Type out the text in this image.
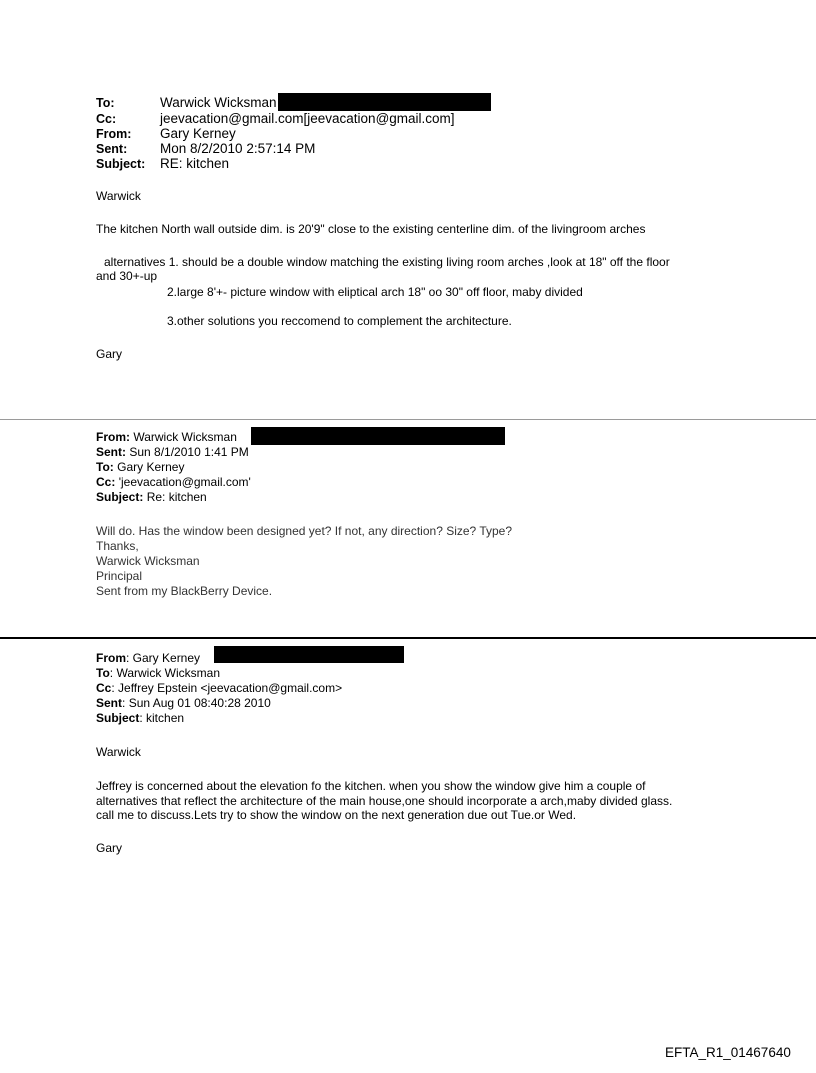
To:	Warwick Wicksman
Cc:	jeevacation@gmail.com[jeevacation@gmail.com]
From: Gary Kerney
Sent: Mon 8/2/2010 2:57:14 PM
Subject: RE: kitchen
Warwick
The kitchen North wall outside dim. is 20'9" close to the existing centerline dim. of the livingroom arches
alternatives 1. should be a double window matching the existing living room arches ,look at 18" off the floor
and 30+-up
2.large 8'+- picture window with eliptical arch 18" oo 30" off floor, maby divided
3.other solutions you reccomend to complement the architecture.
Gary
From: Warwick Wicksman
Sent: Sun 8/1/2010 1:41 PM
To: Gary Kerney
Cc: 'jeevacation@gmail.com'
Subject: Re: kitchen
Will do. Has the window been designed yet? If not, any direction? Size? Type?
Thanks,
Warwick Wicksman
Principal
Sent from my BlackBerry Device.
From: Gary Kerney
To: Warwick Wicksman
Cc: Jeffrey Epstein <jeevacation@gmail.com>
Sent: Sun Aug 01 08:40:28 2010
Subject: kitchen
Warwick
Jeffrey is concerned about the elevation fo the kitchen. when you show the window give him a couple of
alternatives that reflect the architecture of the main house,one should incorporate a arch,maby divided glass.
call me to discuss.Lets try to show the window on the next generation due out Tue.or Wed.
Gary
EFTA_R1_01467640
